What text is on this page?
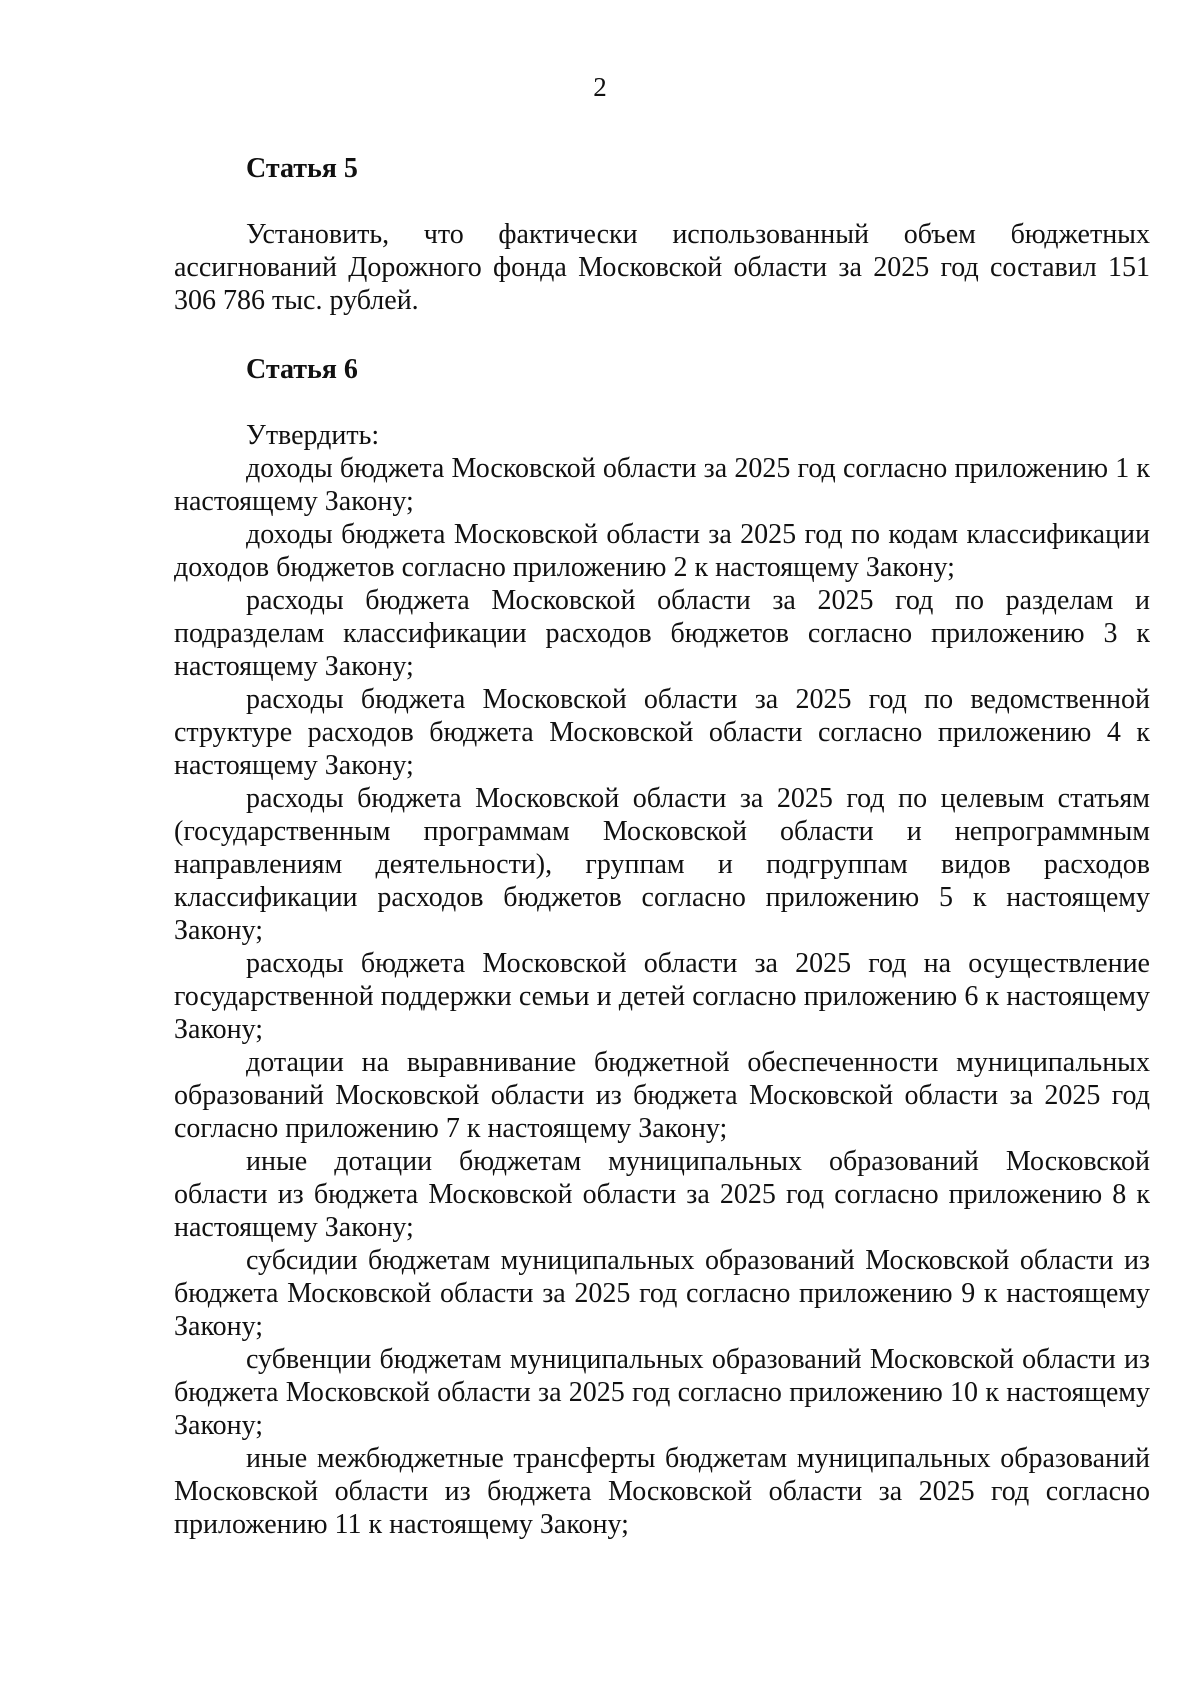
2
Статья 5

Установить, что фактически использованный объем бюджетных ассигнований Дорожного фонда Московской области за 2025 год составил 151 306 786 тыс. рублей.

Статья 6

Утвердить:

доходы бюджета Московской области за 2025 год согласно приложению 1 к настоящему Закону;

доходы бюджета Московской области за 2025 год по кодам классификации доходов бюджетов согласно приложению 2 к настоящему Закону;

расходы бюджета Московской области за 2025 год по разделам и подразделам классификации расходов бюджетов согласно приложению 3 к настоящему Закону;

расходы бюджета Московской области за 2025 год по ведомственной структуре расходов бюджета Московской области согласно приложению 4 к настоящему Закону;

расходы бюджета Московской области за 2025 год по целевым статьям (государственным программам Московской области и непрограммным направлениям деятельности), группам и подгруппам видов расходов классификации расходов бюджетов согласно приложению 5 к настоящему Закону;

расходы бюджета Московской области за 2025 год на осуществление государственной поддержки семьи и детей согласно приложению 6 к настоящему Закону;

дотации на выравнивание бюджетной обеспеченности муниципальных образований Московской области из бюджета Московской области за 2025 год согласно приложению 7 к настоящему Закону;

иные дотации бюджетам муниципальных образований Московской области из бюджета Московской области за 2025 год согласно приложению 8 к настоящему Закону;

субсидии бюджетам муниципальных образований Московской области из бюджета Московской области за 2025 год согласно приложению 9 к настоящему Закону;

субвенции бюджетам муниципальных образований Московской области из бюджета Московской области за 2025 год согласно приложению 10 к настоящему Закону;

иные межбюджетные трансферты бюджетам муниципальных образований Московской области из бюджета Московской области за 2025 год согласно приложению 11 к настоящему Закону;
